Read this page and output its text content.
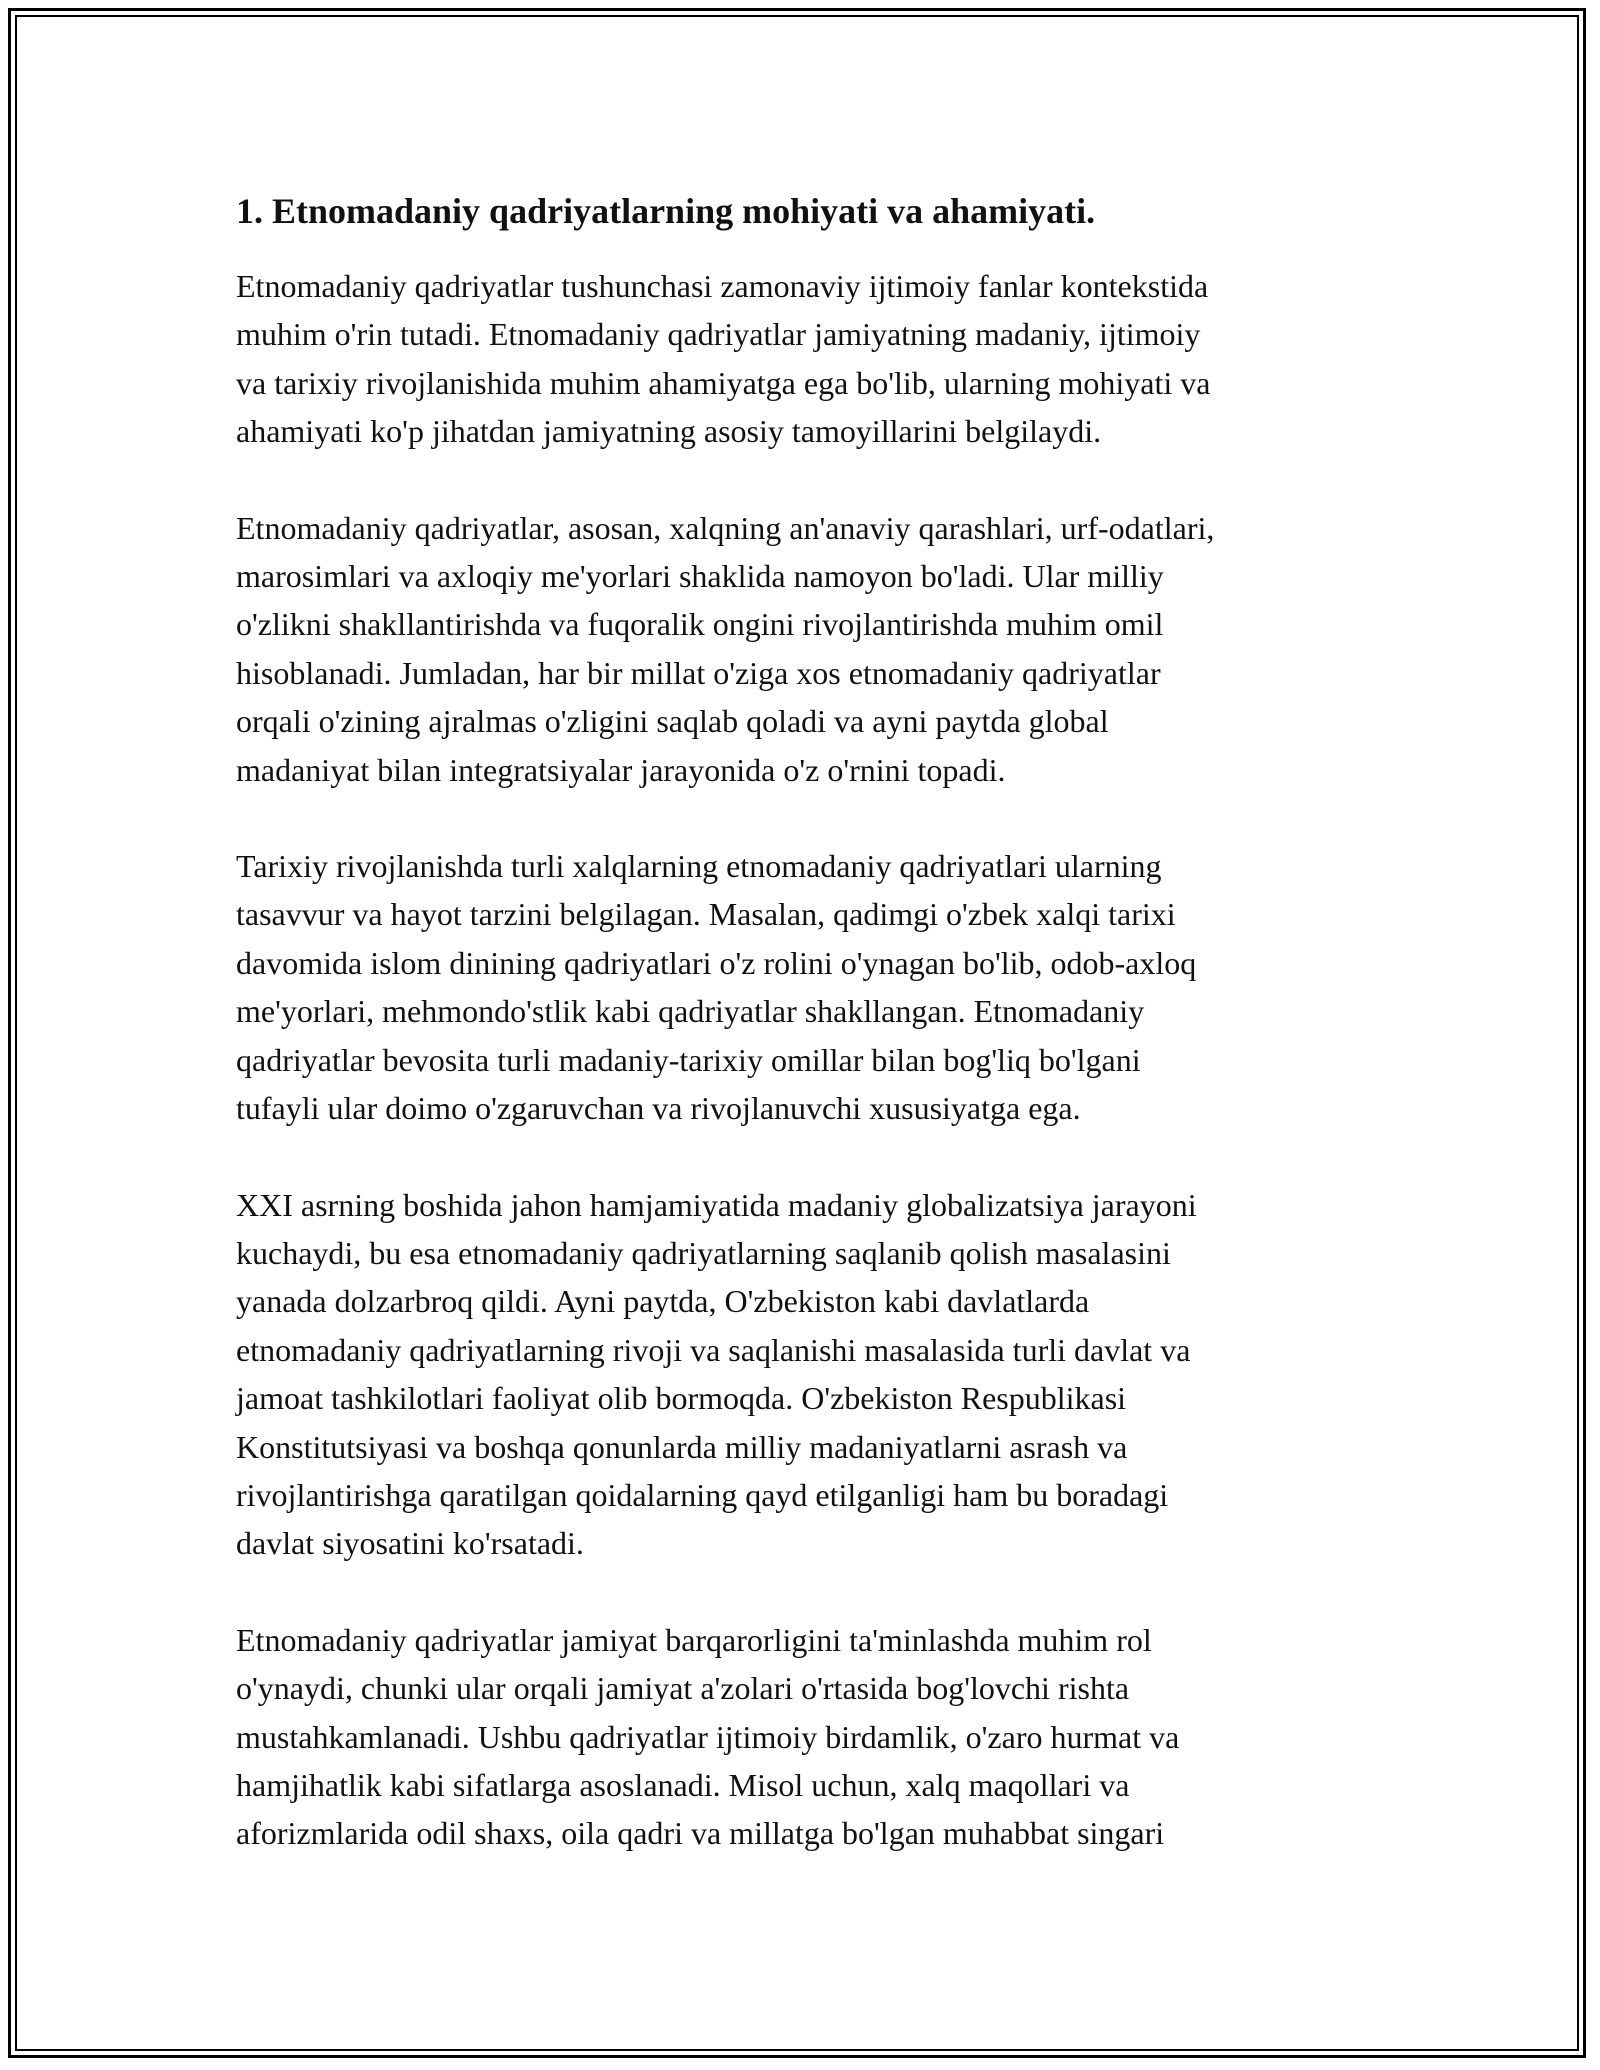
1. Etnomadaniy qadriyatlarning mohiyati va ahamiyati.

Etnomadaniy qadriyatlar tushunchasi zamonaviy ijtimoiy fanlar kontekstida
muhim o'rin tutadi. Etnomadaniy qadriyatlar jamiyatning madaniy, ijtimoiy
va tarixiy rivojlanishida muhim ahamiyatga ega bo'lib, ularning mohiyati va
ahamiyati ko'p jihatdan jamiyatning asosiy tamoyillarini belgilaydi.

Etnomadaniy qadriyatlar, asosan, xalqning an'anaviy qarashlari, urf-odatlari,
marosimlari va axloqiy me'yorlari shaklida namoyon bo'ladi. Ular milliy
o'zlikni shakllantirishda va fuqoralik ongini rivojlantirishda muhim omil
hisoblanadi. Jumladan, har bir millat o'ziga xos etnomadaniy qadriyatlar
orqali o'zining ajralmas o'zligini saqlab qoladi va ayni paytda global
madaniyat bilan integratsiyalar jarayonida o'z o'rnini topadi.

Tarixiy rivojlanishda turli xalqlarning etnomadaniy qadriyatlari ularning
tasavvur va hayot tarzini belgilagan. Masalan, qadimgi o'zbek xalqi tarixi
davomida islom dinining qadriyatlari o'z rolini o'ynagan bo'lib, odob-axloq
me'yorlari, mehmondo'stlik kabi qadriyatlar shakllangan. Etnomadaniy
qadriyatlar bevosita turli madaniy-tarixiy omillar bilan bog'liq bo'lgani
tufayli ular doimo o'zgaruvchan va rivojlanuvchi xususiyatga ega.

XXI asrning boshida jahon hamjamiyatida madaniy globalizatsiya jarayoni
kuchaydi, bu esa etnomadaniy qadriyatlarning saqlanib qolish masalasini
yanada dolzarbroq qildi. Ayni paytda, O'zbekiston kabi davlatlarda
etnomadaniy qadriyatlarning rivoji va saqlanishi masalasida turli davlat va
jamoat tashkilotlari faoliyat olib bormoqda. O'zbekiston Respublikasi
Konstitutsiyasi va boshqa qonunlarda milliy madaniyatlarni asrash va
rivojlantirishga qaratilgan qoidalarning qayd etilganligi ham bu boradagi
davlat siyosatini ko'rsatadi.

Etnomadaniy qadriyatlar jamiyat barqarorligini ta'minlashda muhim rol
o'ynaydi, chunki ular orqali jamiyat a'zolari o'rtasida bog'lovchi rishta
mustahkamlanadi. Ushbu qadriyatlar ijtimoiy birdamlik, o'zaro hurmat va
hamjihatlik kabi sifatlarga asoslanadi. Misol uchun, xalq maqollari va
aforizmlarida odil shaxs, oila qadri va millatga bo'lgan muhabbat singari
